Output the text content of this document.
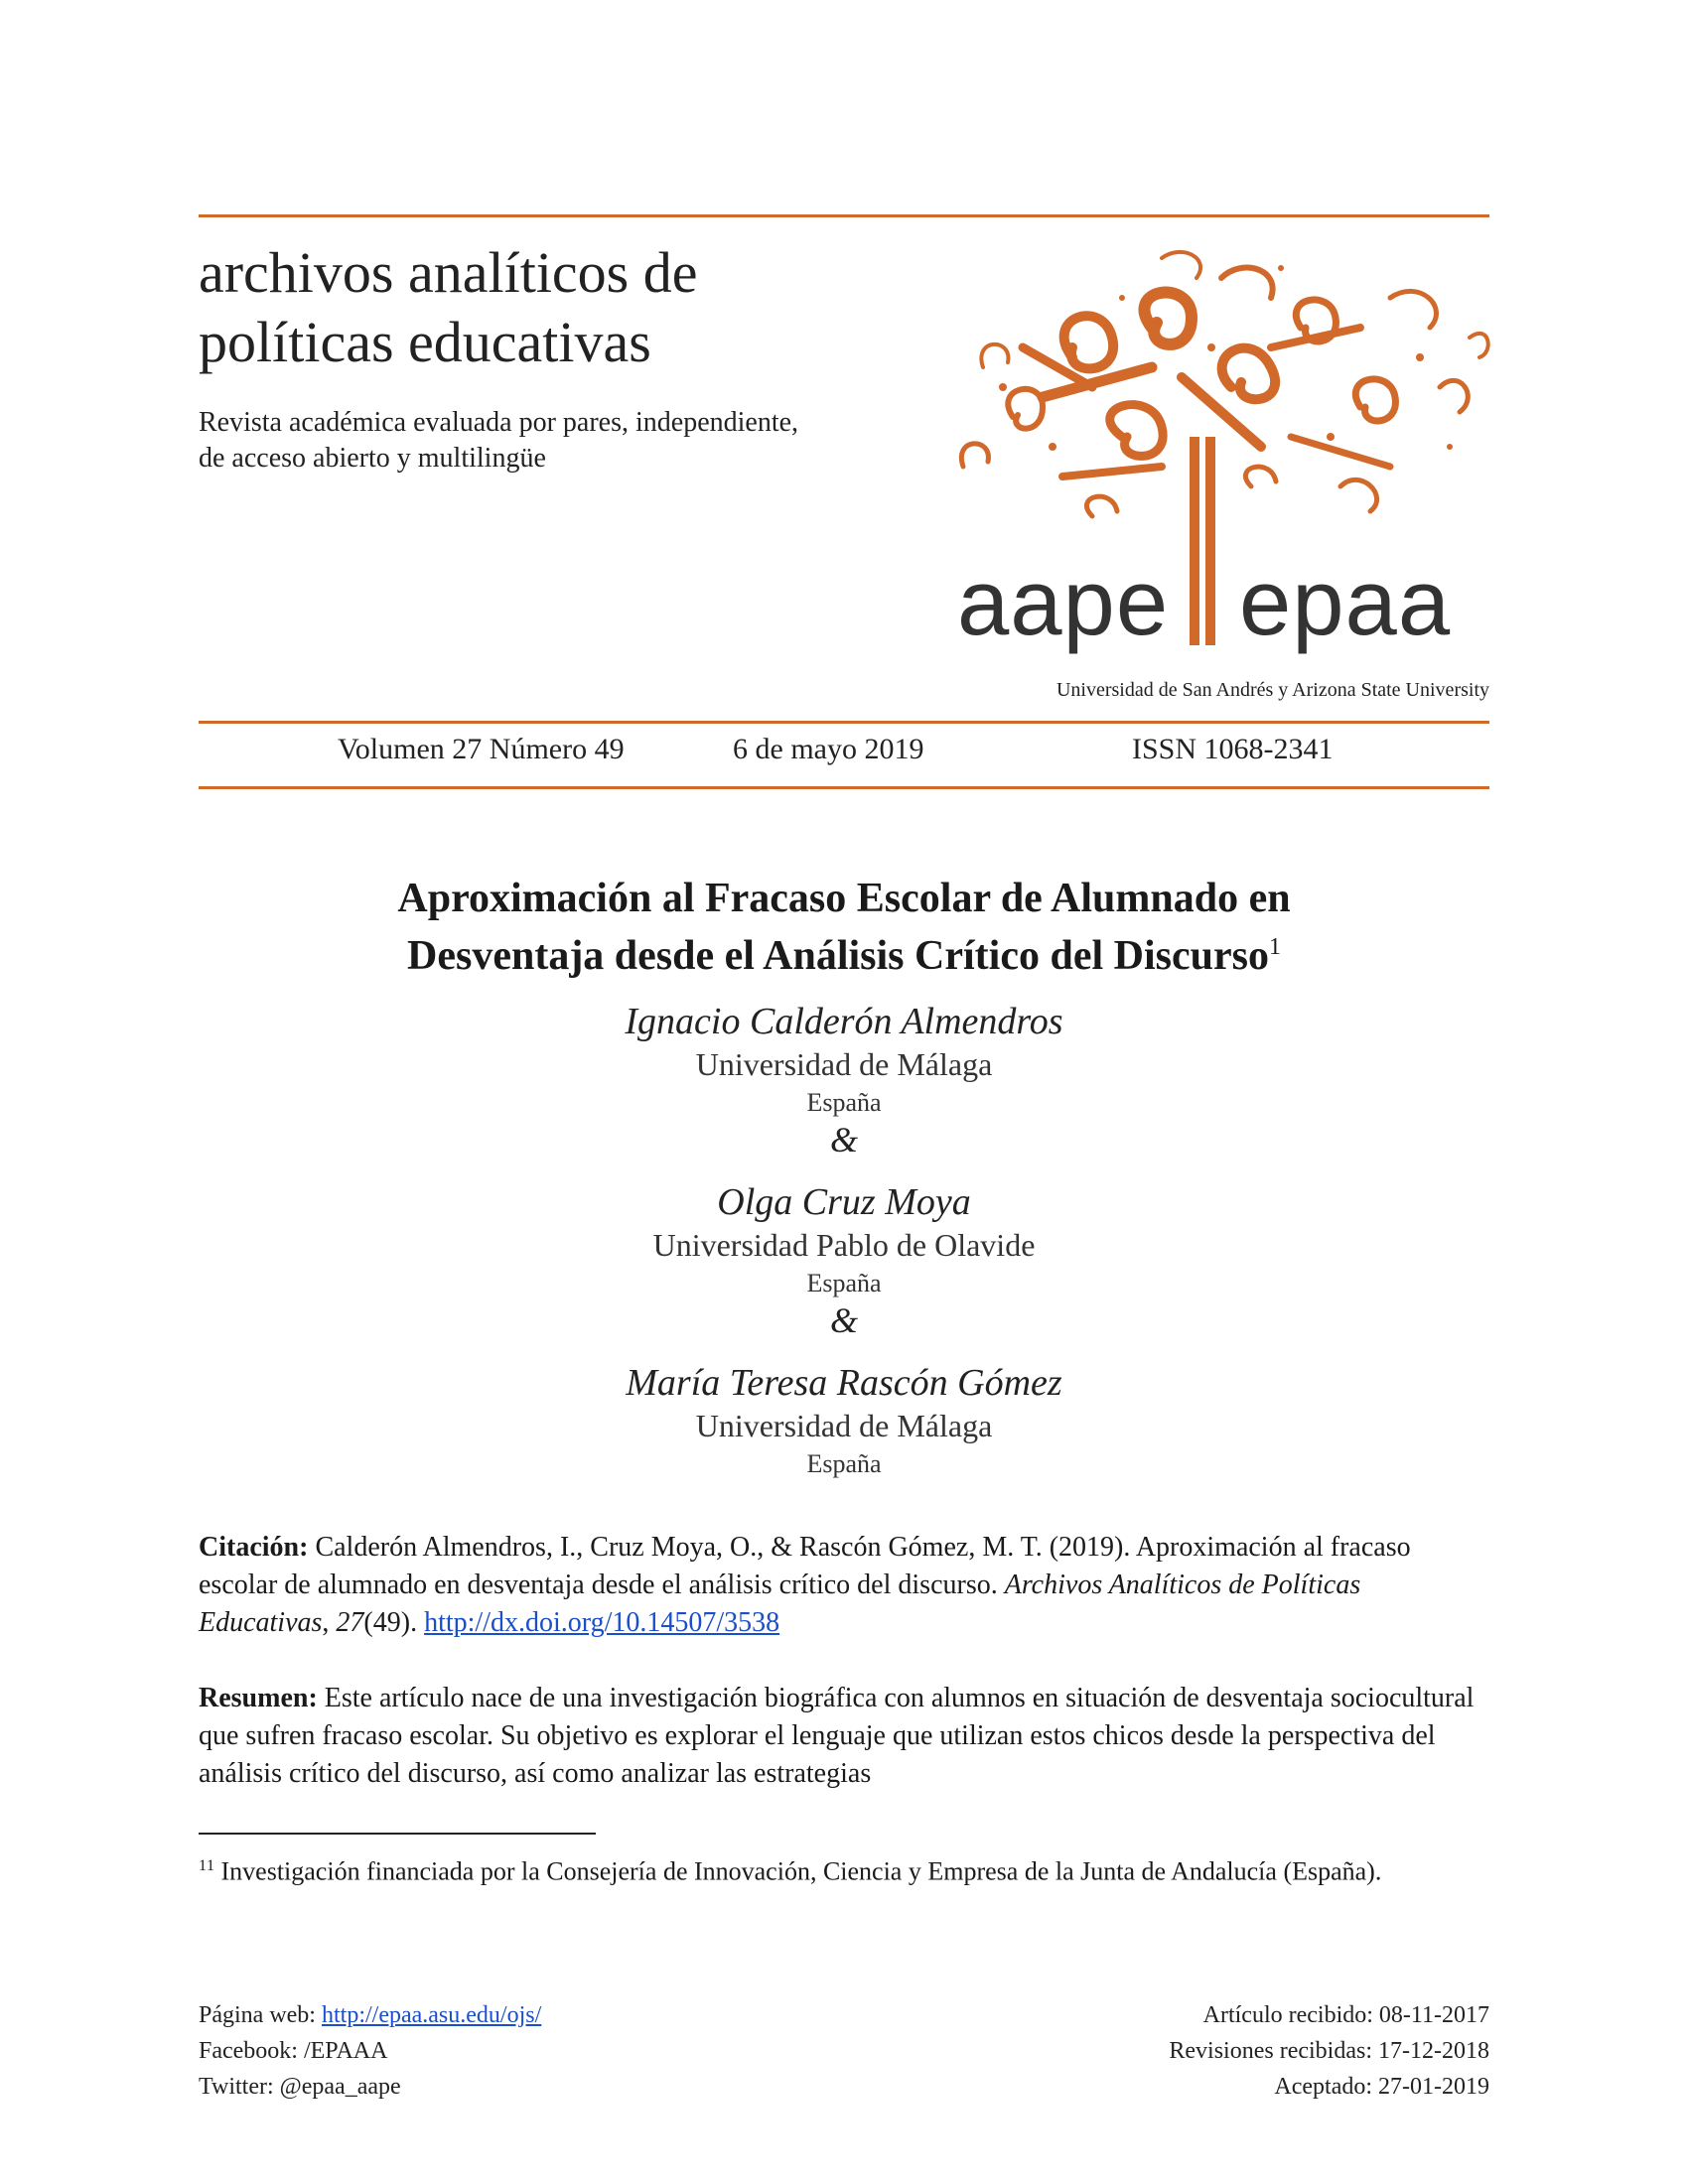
archivos analíticos de
políticas educativas

Revista académica evaluada por pares, independiente,
de acceso abierto y multilingüe

aape epaa
Universidad de San Andrés y Arizona State University
Volumen 27 Número 49	6 de mayo 2019	ISSN 1068-2341
Aproximación al Fracaso Escolar de Alumnado en
Desventaja desde el Análisis Crítico del Discurso$^1$
Ignacio Calderón Almendros
Universidad de Málaga
España
&
Olga Cruz Moya
Universidad Pablo de Olavide
España
&
María Teresa Rascón Gómez
Universidad de Málaga
España

Citación: Calderón Almendros, I., Cruz Moya, O., & Rascón Gómez, M. T. (2019). Aproximación al fracaso escolar de alumnado en desventaja desde el análisis crítico del discurso. Archivos Analíticos de Políticas Educativas, 27(49). http://dx.doi.org/10.14507/3538

Resumen: Este artículo nace de una investigación biográfica con alumnos en situación de desventaja sociocultural que sufren fracaso escolar. Su objetivo es explorar el lenguaje que utilizan estos chicos desde la perspectiva del análisis crítico del discurso, así como analizar las estrategias

$^{11}$ Investigación financiada por la Consejería de Innovación, Ciencia y Empresa de la Junta de Andalucía (España).

Página web: http://epaa.asu.edu/ojs/
Facebook: /EPAAA
Twitter: @epaa_aape
Artículo recibido: 08-11-2017
Revisiones recibidas: 17-12-2018
Aceptado: 27-01-2019
